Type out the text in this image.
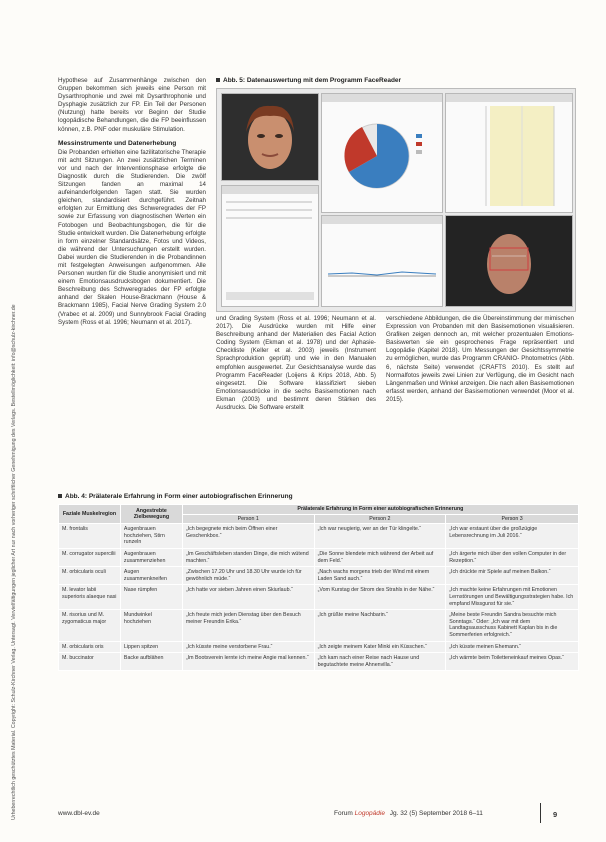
Urheberrechtlich geschütztes Material. Copyright: Schulz-Kirchner Verlag. Untersagt. Vervielfältigungen jeglicher Art nur nach vorheriger schriftlicher Genehmigung des Verlags. Bestellmöglichkeit: info@schulz-kirchner.de

Hypothese auf Zusammenhänge zwischen den Gruppen bekommen sich jeweils eine Person mit Dysarthrophonie und zwei mit Dysarthrophonie und Dysphagie zusätzlich zur FP. Ein Teil der Personen (Nutzung) hatte bereits vor Beginn der Studie logopädische Behandlungen, die die FP beeinflussen können, z.B. PNF oder muskuläre Stimulation.

Messinstrumente und Datenerhebung

Die Probanden erhielten eine fazilitatorische Therapie mit acht Sitzungen. An zwei zusätzlichen Terminen vor und nach der Interventionsphase erfolgte die Diagnostik durch die Studierenden. Die zwölf Sitzungen fanden an maximal 14 aufeinanderfolgenden Tagen statt. Sie wurden gleichen, standardisiert durchgeführt. Zeitnah erfolgten zur Ermittlung des Schweregrades der FP sowie zur Erfassung von diagnostischen Werten ein Fotobogen und Beobachtungsbogen, die für die Studie entwickelt wurden. Die Datenerhebung erfolgte in form einzelner Standardsätze, Fotos und Videos, die während der Untersuchungen erstellt wurden. Dabei wurden die Studierenden in die Probandinnen mit festgelegten Anweisungen aufgenommen. Alle Personen wurden für die Studie anonymisiert und mit einem Emotionsausdrucksbogen dokumentiert. Die Beschreibung des Schweregrades der FP erfolgte anhand der Skalen House-Brackmann (House & Brackmann 1985), Facial Nerve Grading System 2.0 (Vrabec et al. 2009) und Sunnybrook Facial Grading System (Ross et al. 1996; Neumann et al. 2017).

Abb. 5: Datenauswertung mit dem Programm FaceReader

und Grading System (Ross et al. 1996; Neumann et al. 2017). Die Ausdrücke wurden mit Hilfe einer Beschreibung anhand der Materialien des Facial Action Coding System (Ekman et al. 1978) und der Aphasie-Checkliste (Keller et al. 2003) jeweils (Instrument Sprachproduktion geprüft) und wie in den Manualen empfohlen ausgewertet. Zur Gesichtsanalyse wurde das Programm FaceReader (Loijens & Krips 2018, Abb. 5) eingesetzt. Die Software klassifiziert sieben Emotionsausdrücke in die sechs Basisemotionen nach Ekman (2003) und bestimmt deren Stärken des Ausdrucks. Die Software erstellt

verschiedene Abbildungen, die die Übereinstimmung der mimischen Expression von Probanden mit den Basisemotionen visualisieren. Grafiken zeigen dennoch an, mit welcher prozentualen Emotions-Basiswerten sie ein gesprochenes Frage repräsentiert und Logopädie (Kapitel 2018). Um Messungen der Gesichtssymmetrie zu ermöglichen, wurde das Programm CRANIO- Photometrics (Abb. 6, nächste Seite) verwendet (CRAFTS 2010). Es stellt auf Normalfotos jeweils zwei Linien zur Verfügung, die im Gesicht nach Längenmaßen und Winkel anzeigen. Die nach allen Basisemotionen erfasst werden, anhand der Basisemotionen verwendet (Moor et al. 2015).

Abb. 4: Prälaterale Erfahrung in Form einer autobiografischen Erinnerung
Faziale Muskelregion	Angestrebte Zielbewegung	Prälaterale Erfahrung in Form einer autobiografischen Erinnerung		
		Person 1	Person 2	Person 3
M. frontalis	Augenbrauen hochziehen, Stirn runzeln	„Ich begegnete mich beim Öffnen einer Geschenkbox.“	„Ich war neugierig, wer an der Tür klingelte.“	„Ich war erstaunt über die großzügige Lebensrechnung im Juli 2016.“
M. corrugator supercilii	Augenbrauen zusammenziehen	„Im Geschäftsleben standen Dinge, die mich wütend machten.“	„Die Sonne blendete mich während der Arbeit auf dem Feld.“	„Ich ärgerte mich über den vollen Computer in der Rezeption.“
M. orbicularis oculi	Augen zusammenkneifen	„Zwischen 17.20 Uhr und 18.30 Uhr wurde ich für gewöhnlich müde.“	„Nach wachs morgens trieb der Wind mit einem Laden Sand auch.“	„Ich drückte mir Spiele auf meinen Balkon.“
M. levator labii superioris alaeque nasi	Nase rümpfen	„Ich hatte vor sieben Jahren einen Skiurlaub.“	„Vom Kurstag der Strom des Strahls in der Nähe.“	„Ich machte keine Erfahrungen mit Emotionen Lernstörungen und Bewältigungsstrategien habe. Ich empfand Missgunst für sie.“
M. risorius und M. zygomaticus major	Mundwinkel hochziehen	„Ich freute mich jeden Dienstag über den Besuch meiner Freundin Erika.“	„Ich grüßte meine Nachbarin.“	„Meine beste Freundin Sandra besuchte mich Sonntags.“ Oder: „Ich war mit dem Landtagsausschuss Kabinett Kaplan bis in die Sommerferien erfolgreich.“
M. orbicularis oris	Lippen spitzen	„Ich küsste meine verstorbene Frau.“	„Ich zeigte meinem Kater Minki ein Küsschen.“	„Ich küsste meinen Ehemann.“
M. buccinator	Backe aufblähen	„Im Bootsverein lernte ich meine Angie mal kennen.“	„Ich kam nach einer Reise nach Hause und begutachtete meine Ahnenvilla.“	„Ich wärmte beim Toiletteneinkauf meines Opas.“
www.dbl-ev.de	Forum Logopädie Jg. 32 (5) September 2018 6–11	9
